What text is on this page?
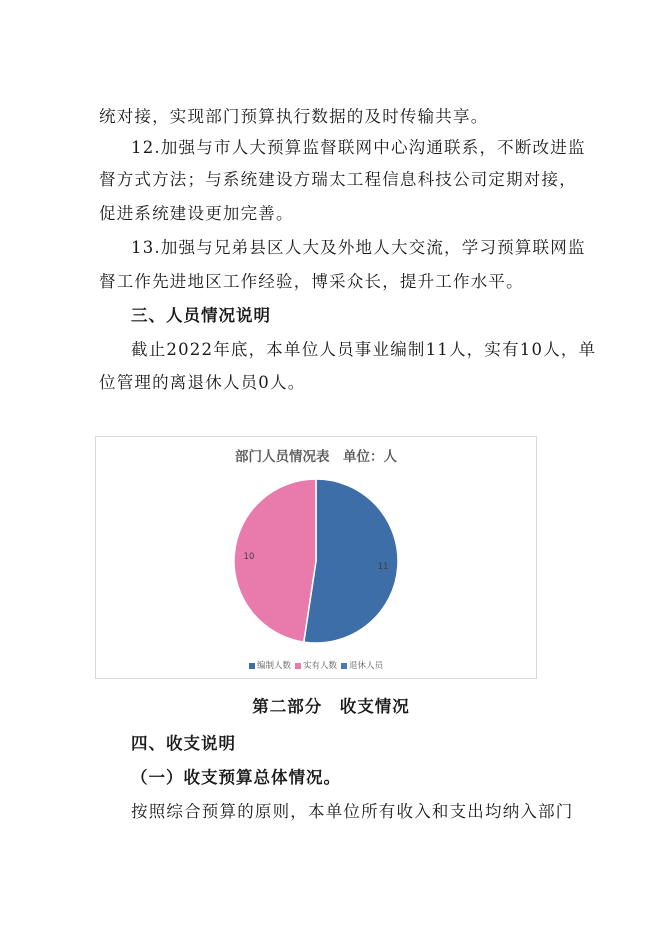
统对接，实现部门预算执行数据的及时传输共享。
12.加强与市人大预算监督联网中心沟通联系，不断改进监
督方式方法；与系统建设方瑞太工程信息科技公司定期对接，
促进系统建设更加完善。
13.加强与兄弟县区人大及外地人大交流，学习预算联网监
督工作先进地区工作经验，博采众长，提升工作水平。
三、人员情况说明
截止2022年底，本单位人员事业编制11人，实有10人，单
位管理的离退休人员0人。
部门人员情况表　单位：人
11
10
编制人数 实有人数 退休人员
第二部分　收支情况
四、收支说明
（一）收支预算总体情况。
按照综合预算的原则，本单位所有收入和支出均纳入部门
